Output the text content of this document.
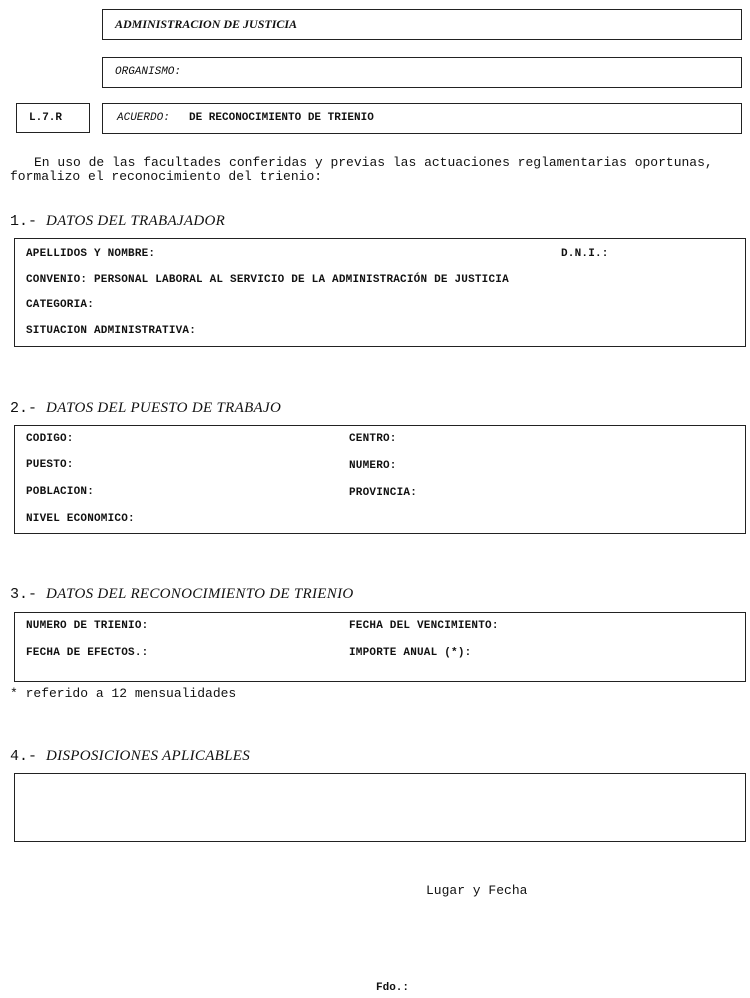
ADMINISTRACION DE JUSTICIA
ORGANISMO:
L.7.R	ACUERDO: DE RECONOCIMIENTO DE TRIENIO
En uso de las facultades conferidas y previas las actuaciones reglamentarias oportunas,
formalizo el reconocimiento del trienio:
1.- DATOS DEL TRABAJADOR
APELLIDOS Y NOMBRE:	D.N.I.:
CONVENIO: PERSONAL LABORAL AL SERVICIO DE LA ADMINISTRACIÓN DE JUSTICIA
CATEGORIA:
SITUACION ADMINISTRATIVA:
2.- DATOS DEL PUESTO DE TRABAJO
CODIGO:	CENTRO:
PUESTO:	NUMERO:
POBLACION:	PROVINCIA:
NIVEL ECONOMICO:
3.- DATOS DEL RECONOCIMIENTO DE TRIENIO
NUMERO DE TRIENIO:	FECHA DEL VENCIMIENTO:
FECHA DE EFECTOS.:	IMPORTE ANUAL (*):
* referido a 12 mensualidades
4.- DISPOSICIONES APLICABLES
Lugar y Fecha
Fdo.:
